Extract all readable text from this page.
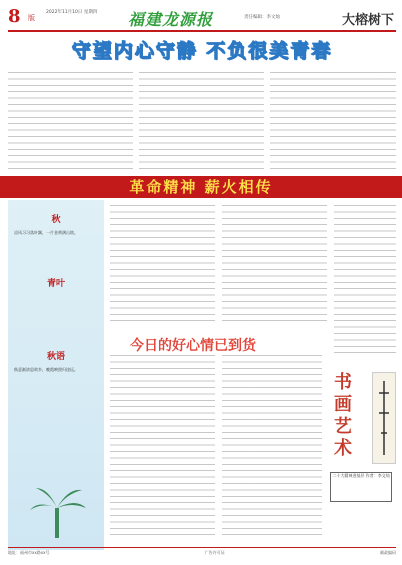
8 版
2022年11月10日 星期四	福建龙源报	责任编辑：李文灿	大榕树下
守望内心守静 不负很美青春
革命精神 薪火相传
秋
凉风习习落叶飘，一片金黄满山坡。
青叶
秋语
秋意渐浓思故乡，晚霞映照归途远。
今日的好心情已到货
书画艺术
二十大精神进基层 作者：李文灿
地址：福州市xx路xx号	广告许可证	邮政编码
